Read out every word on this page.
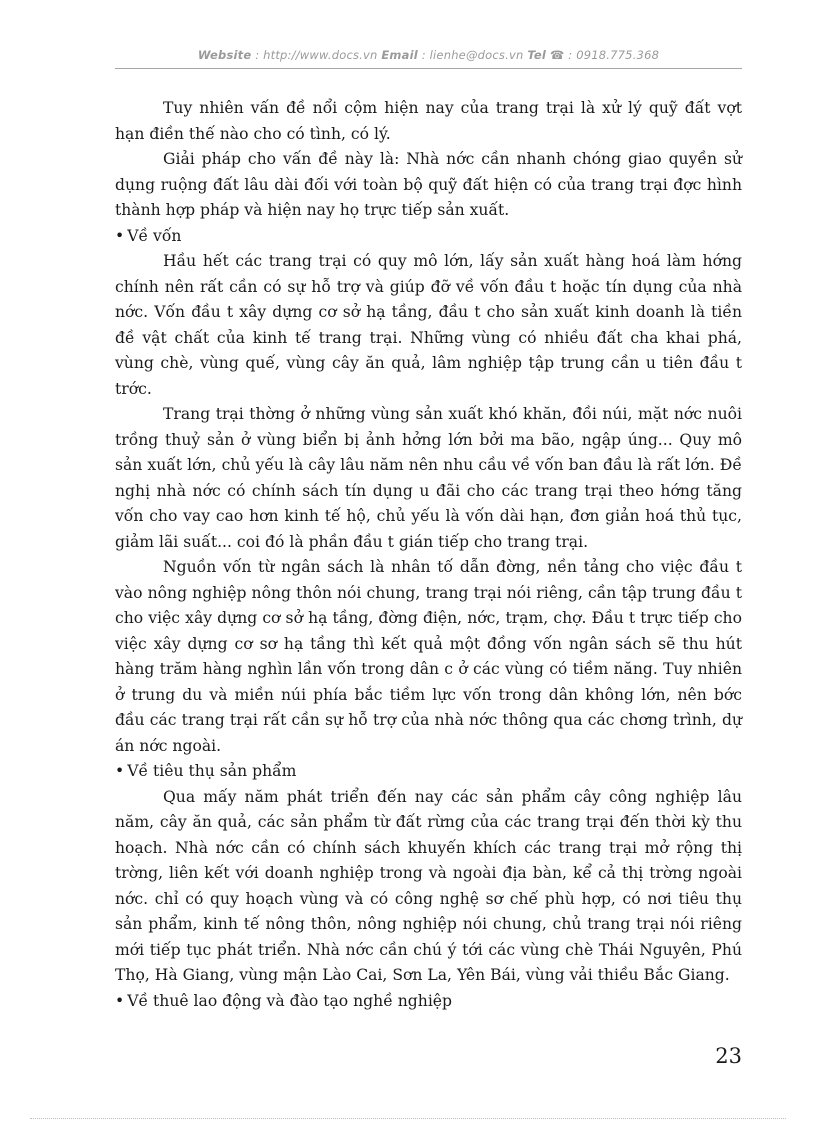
Website : http://www.docs.vn Email : lienhe@docs.vn Tel ☎ : 0918.775.368

Tuy nhiên vấn đề nổi cộm hiện nay của trang trại là xử lý quỹ đất vợt hạn điền thế nào cho có tình, có lý.

Giải pháp cho vấn đề này là: Nhà nớc cần nhanh chóng giao quyền sử dụng ruộng đất lâu dài đối với toàn bộ quỹ đất hiện có của trang trại đợc hình thành hợp pháp và hiện nay họ trực tiếp sản xuất.

• Về vốn

Hầu hết các trang trại có quy mô lớn, lấy sản xuất hàng hoá làm hớng chính nên rất cần có sự hỗ trợ và giúp đỡ về vốn đầu t hoặc tín dụng của nhà nớc. Vốn đầu t xây dựng cơ sở hạ tầng, đầu t cho sản xuất kinh doanh là tiền đề vật chất của kinh tế trang trại. Những vùng có nhiều đất cha khai phá, vùng chè, vùng quế, vùng cây ăn quả, lâm nghiệp tập trung cần u tiên đầu t trớc.

Trang trại thờng ở những vùng sản xuất khó khăn, đồi núi, mặt nớc nuôi trồng thuỷ sản ở vùng biển bị ảnh hởng lớn bởi ma bão, ngập úng... Quy mô sản xuất lớn, chủ yếu là cây lâu năm nên nhu cầu về vốn ban đầu là rất lớn. Đề nghị nhà nớc có chính sách tín dụng u đãi cho các trang trại theo hớng tăng vốn cho vay cao hơn kinh tế hộ, chủ yếu là vốn dài hạn, đơn giản hoá thủ tục, giảm lãi suất... coi đó là phần đầu t gián tiếp cho trang trại.

Nguồn vốn từ ngân sách là nhân tố dẫn đờng, nền tảng cho việc đầu t vào nông nghiệp nông thôn nói chung, trang trại nói riêng, cần tập trung đầu t cho việc xây dựng cơ sở hạ tầng, đờng điện, nớc, trạm, chợ. Đầu t trực tiếp cho việc xây dựng cơ sơ hạ tầng thì kết quả một đồng vốn ngân sách sẽ thu hút hàng trăm hàng nghìn lần vốn trong dân c ở các vùng có tiềm năng. Tuy nhiên ở trung du và miền núi phía bắc tiềm lực vốn trong dân không lớn, nên bớc đầu các trang trại rất cần sự hỗ trợ của nhà nớc thông qua các chơng trình, dự án nớc ngoài.

• Về tiêu thụ sản phẩm

Qua mấy năm phát triển đến nay các sản phẩm cây công nghiệp lâu năm, cây ăn quả, các sản phẩm từ đất rừng của các trang trại đến thời kỳ thu hoạch. Nhà nớc cần có chính sách khuyến khích các trang trại mở rộng thị trờng, liên kết với doanh nghiệp trong và ngoài địa bàn, kể cả thị trờng ngoài nớc. chỉ có quy hoạch vùng và có công nghệ sơ chế phù hợp, có nơi tiêu thụ sản phẩm, kinh tế nông thôn, nông nghiệp nói chung, chủ trang trại nói riêng mới tiếp tục phát triển. Nhà nớc cần chú ý tới các vùng chè Thái Nguyên, Phú Thọ, Hà Giang, vùng mận Lào Cai, Sơn La, Yên Bái, vùng vải thiều Bắc Giang.

• Về thuê lao động và đào tạo nghề nghiệp

23
